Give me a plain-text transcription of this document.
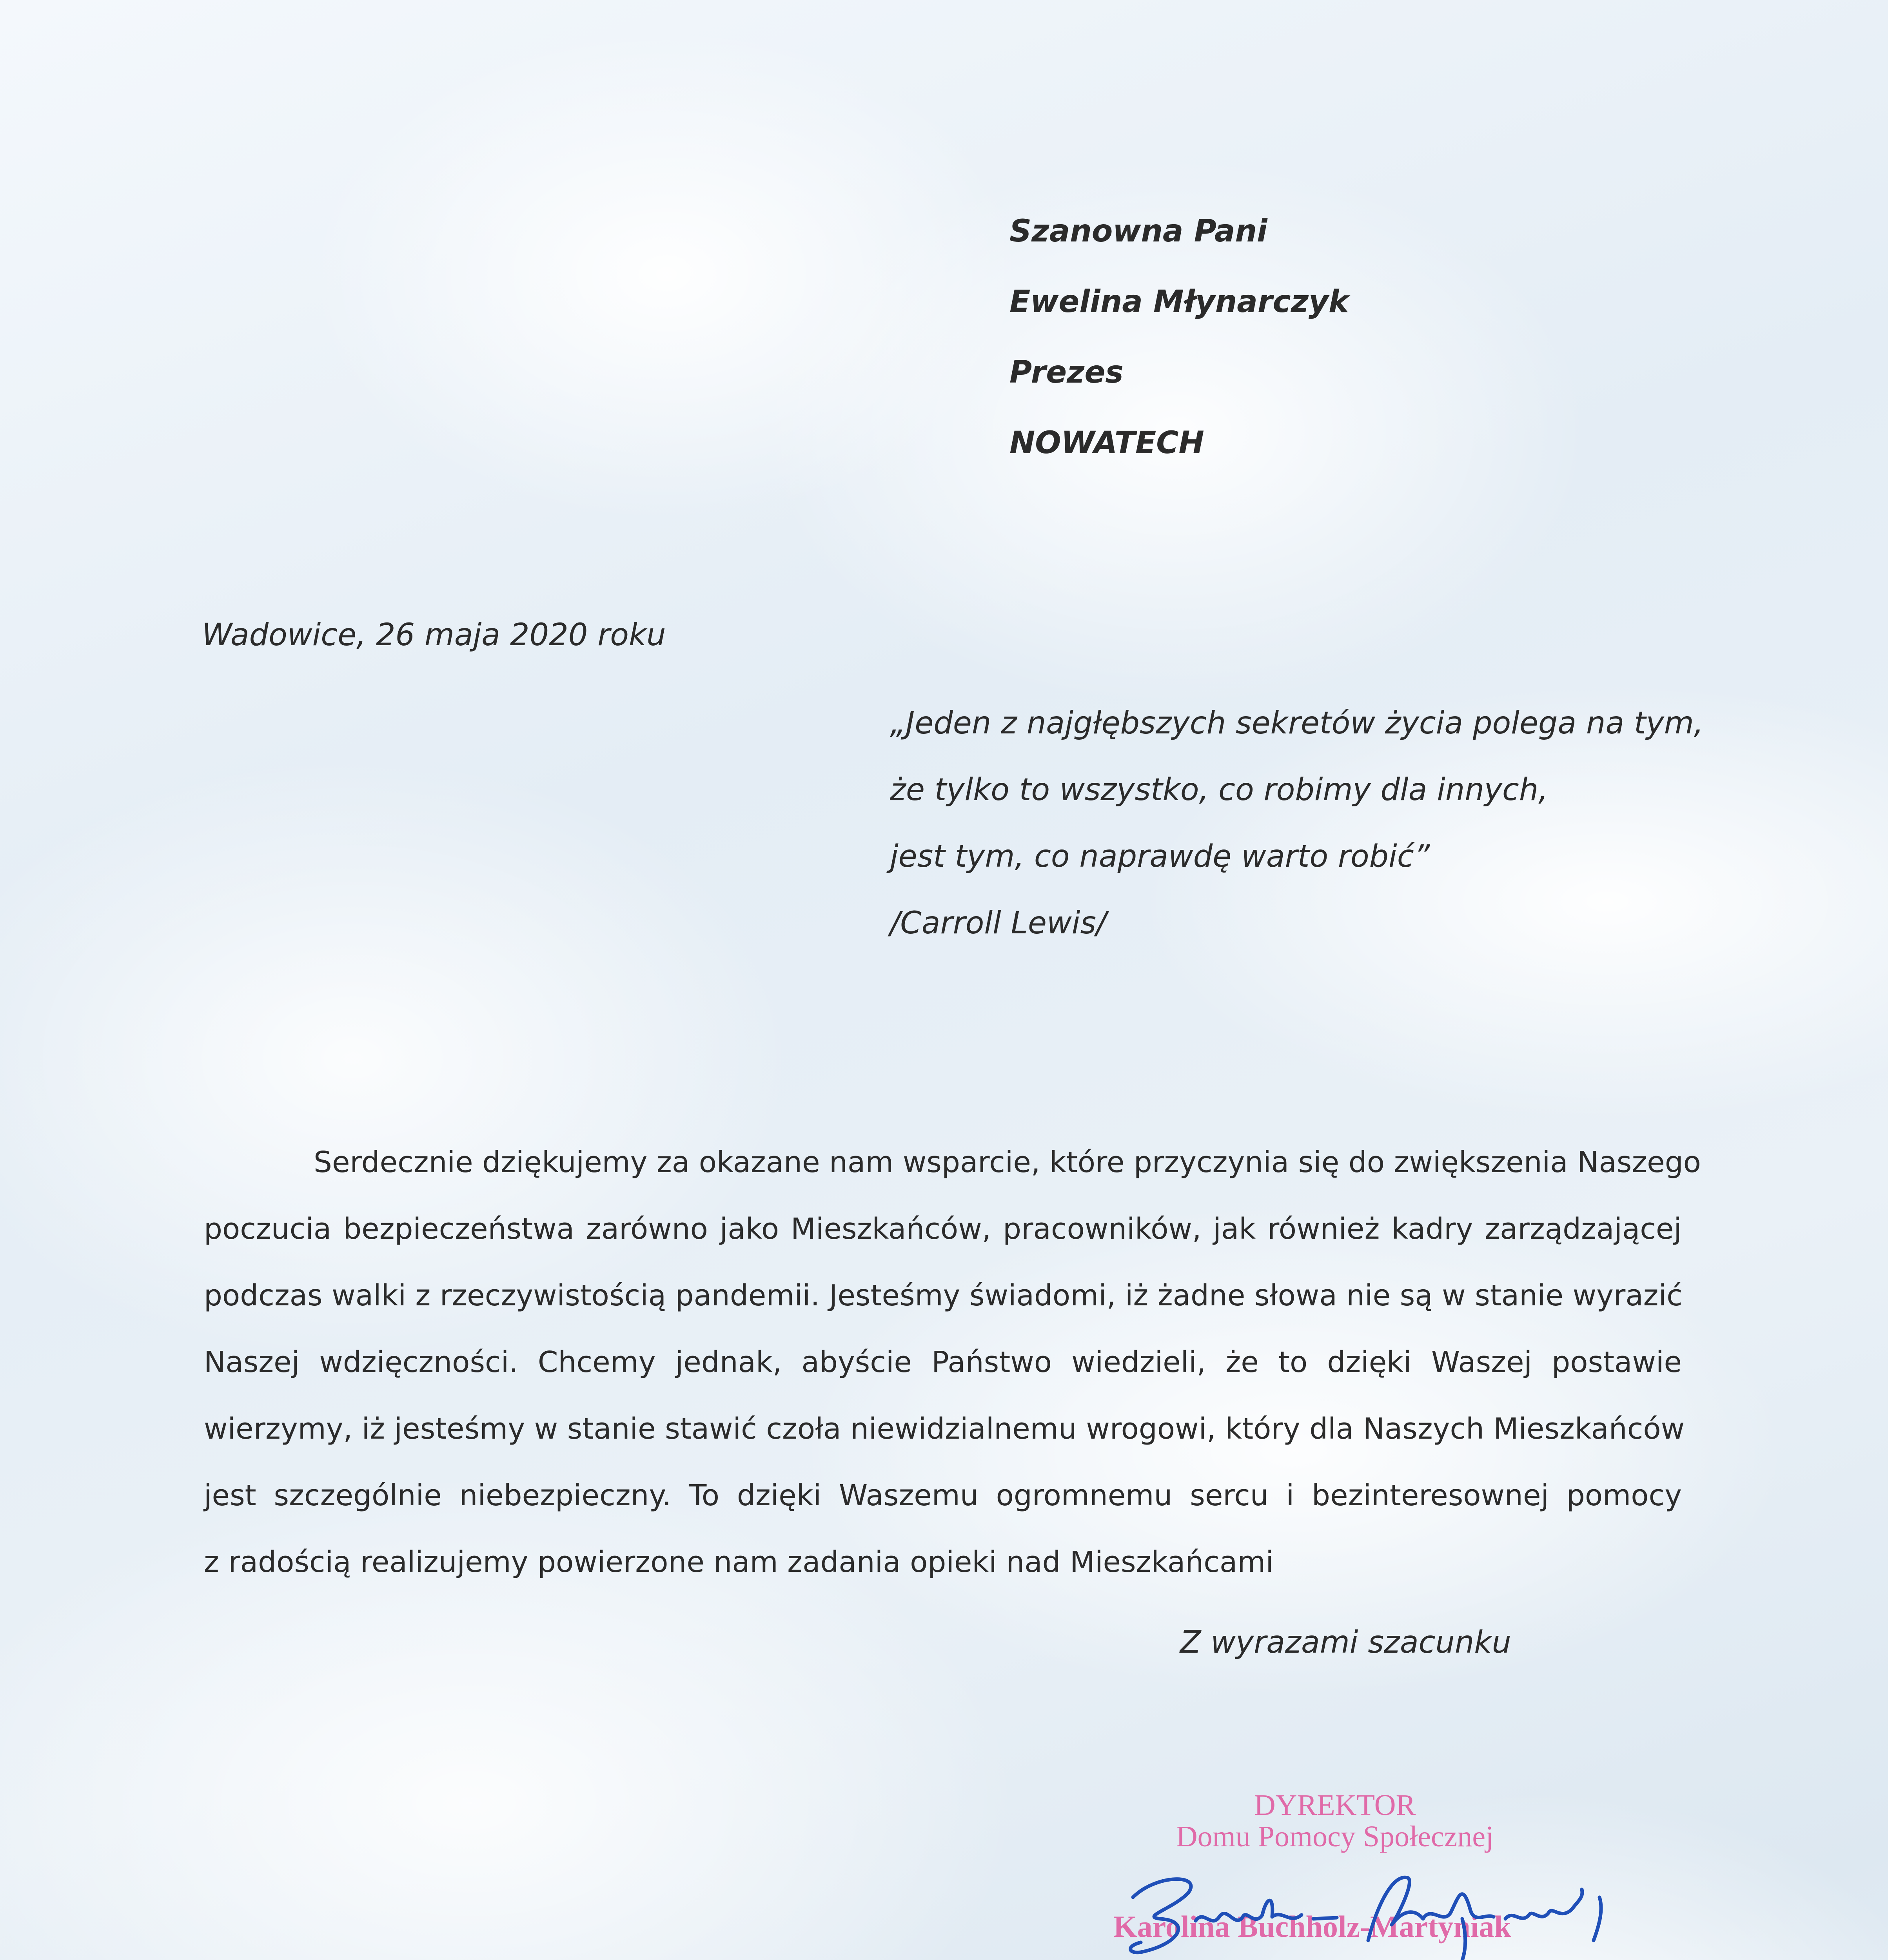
Szanowna Pani
Ewelina Młynarczyk
Prezes
NOWATECH
Wadowice, 26 maja 2020 roku
„Jeden z najgłębszych sekretów życia polega na tym,
że tylko to wszystko, co robimy dla innych,
jest tym, co naprawdę warto robić”
/Carroll Lewis/
Serdecznie dziękujemy za okazane nam wsparcie, które przyczynia się do zwiększenia Naszego
poczucia bezpieczeństwa zarówno jako Mieszkańców, pracowników, jak również kadry zarządzającej
podczas walki z rzeczywistością pandemii. Jesteśmy świadomi, iż żadne słowa nie są w stanie wyrazić
Naszej wdzięczności. Chcemy jednak, abyście Państwo wiedzieli, że to dzięki Waszej postawie
wierzymy, iż jesteśmy w stanie stawić czoła niewidzialnemu wrogowi, który dla Naszych Mieszkańców
jest szczególnie niebezpieczny. To dzięki Waszemu ogromnemu sercu i bezinteresownej pomocy
z radością realizujemy powierzone nam zadania opieki nad Mieszkańcami
Z wyrazami szacunku
DYREKTOR
Domu Pomocy Społecznej
Karolina Buchholz-Martyniak
